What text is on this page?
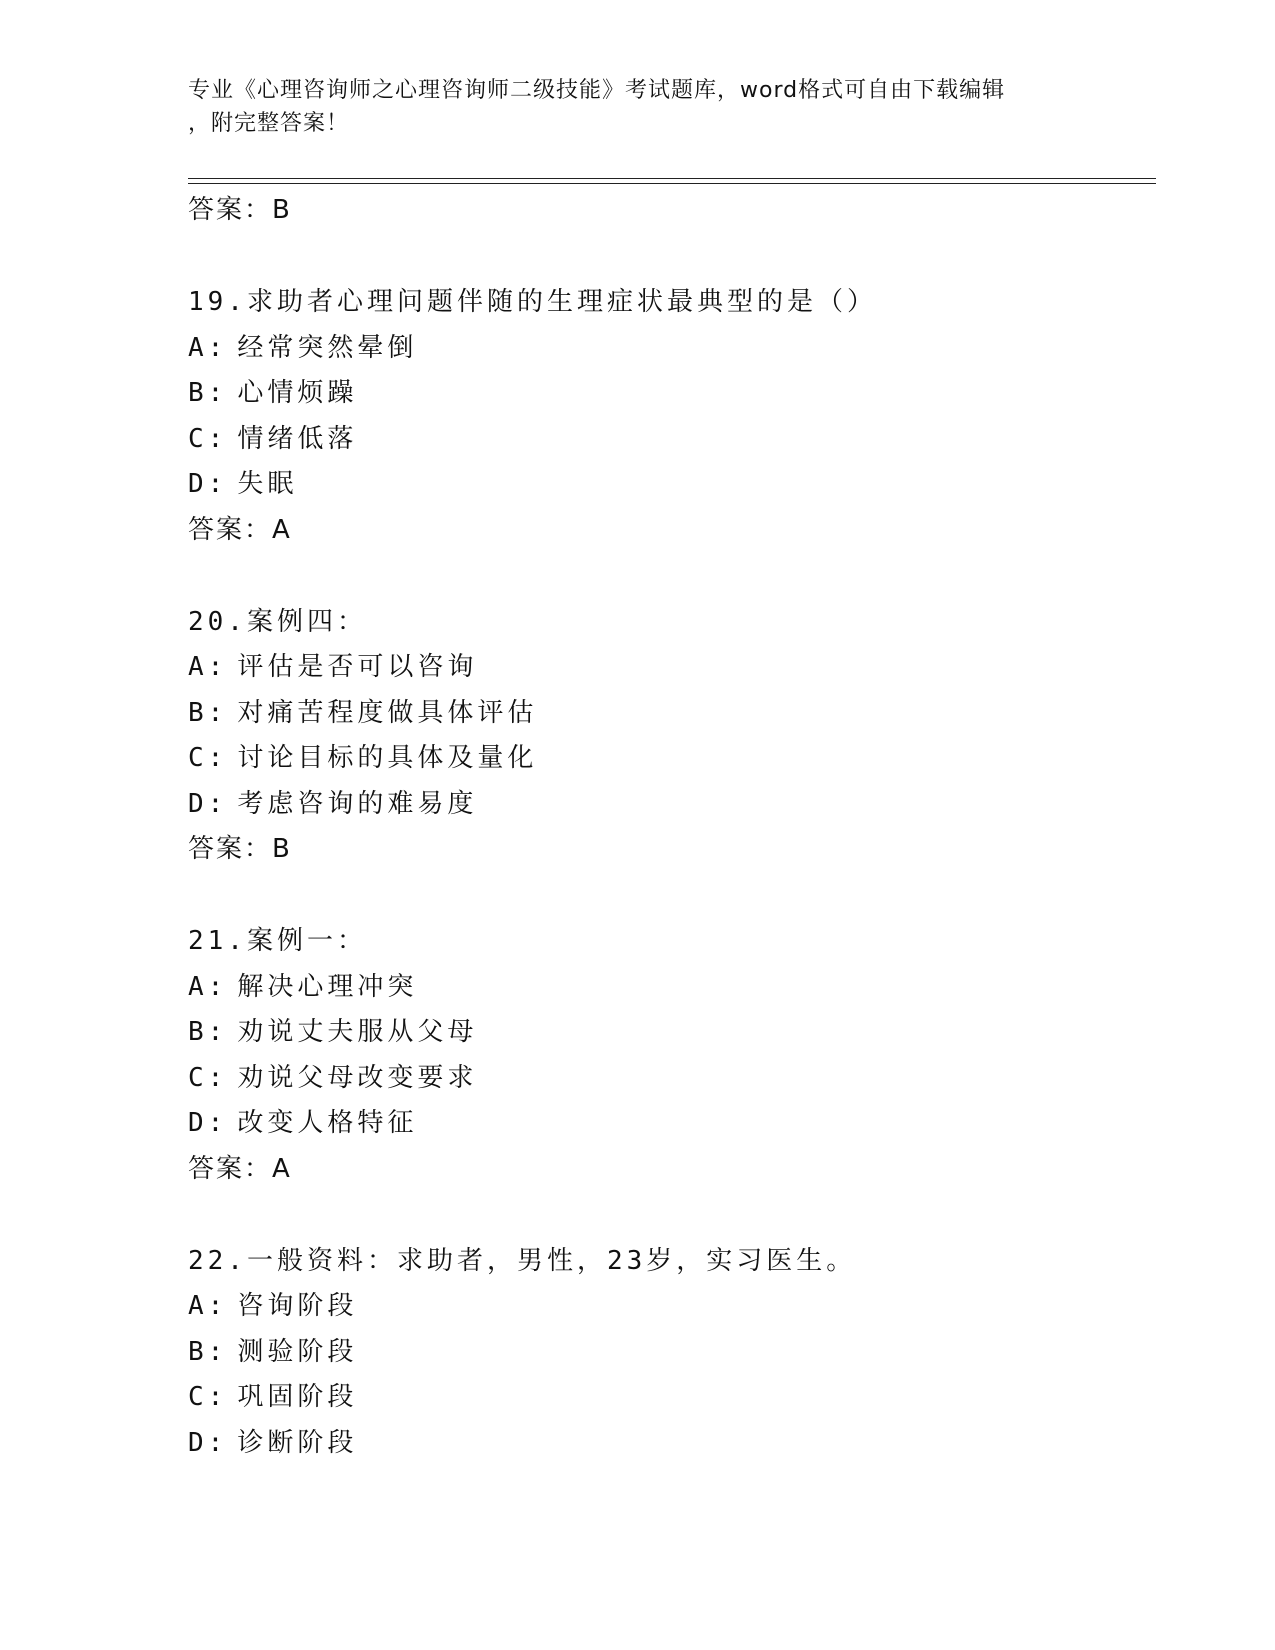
专业《心理咨询师之心理咨询师二级技能》考试题库，word格式可自由下载编辑
，附完整答案！
答案：B
19.求助者心理问题伴随的生理症状最典型的是（）
A: 经常突然晕倒
B: 心情烦躁
C: 情绪低落
D: 失眠
答案：A
20.案例四：
A: 评估是否可以咨询
B: 对痛苦程度做具体评估
C: 讨论目标的具体及量化
D: 考虑咨询的难易度
答案：B
21.案例一：
A: 解决心理冲突
B: 劝说丈夫服从父母
C: 劝说父母改变要求
D: 改变人格特征
答案：A
22.一般资料：求助者，男性，23岁，实习医生。
A: 咨询阶段
B: 测验阶段
C: 巩固阶段
D: 诊断阶段
